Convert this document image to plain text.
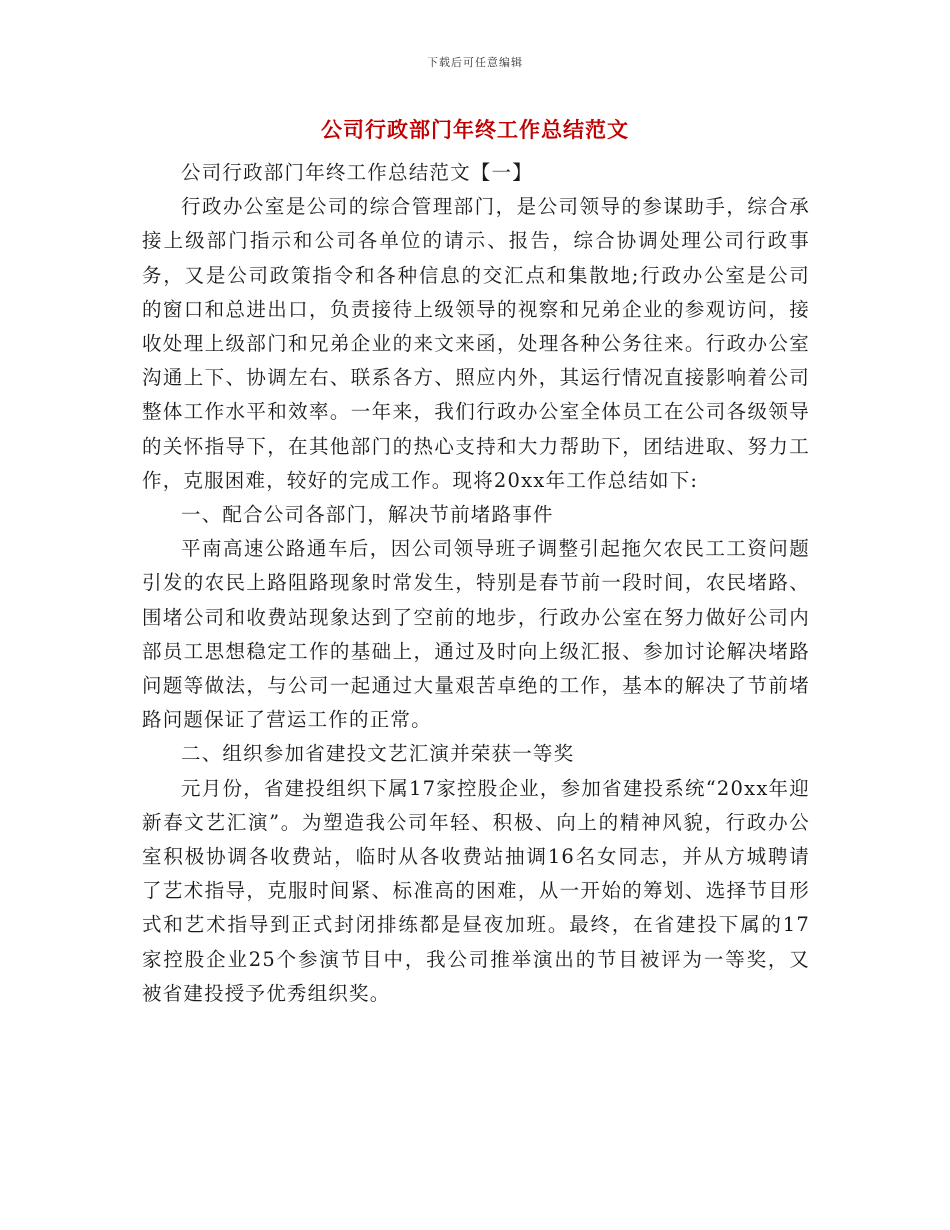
下载后可任意编辑
公司行政部门年终工作总结范文

公司行政部门年终工作总结范文【一】

行政办公室是公司的综合管理部门，是公司领导的参谋助手，综合承接上级部门指示和公司各单位的请示、报告，综合协调处理公司行政事务，又是公司政策指令和各种信息的交汇点和集散地;行政办公室是公司的窗口和总进出口，负责接待上级领导的视察和兄弟企业的参观访问，接收处理上级部门和兄弟企业的来文来函，处理各种公务往来。行政办公室沟通上下、协调左右、联系各方、照应内外，其运行情况直接影响着公司整体工作水平和效率。一年来，我们行政办公室全体员工在公司各级领导的关怀指导下，在其他部门的热心支持和大力帮助下，团结进取、努力工作，克服困难，较好的完成工作。现将20xx年工作总结如下:

一、配合公司各部门，解决节前堵路事件

平南高速公路通车后，因公司领导班子调整引起拖欠农民工工资问题引发的农民上路阻路现象时常发生，特别是春节前一段时间，农民堵路、围堵公司和收费站现象达到了空前的地步，行政办公室在努力做好公司内部员工思想稳定工作的基础上，通过及时向上级汇报、参加讨论解决堵路问题等做法，与公司一起通过大量艰苦卓绝的工作，基本的解决了节前堵路问题保证了营运工作的正常。

二、组织参加省建投文艺汇演并荣获一等奖

元月份，省建投组织下属17家控股企业，参加省建投系统“20xx年迎新春文艺汇演”。为塑造我公司年轻、积极、向上的精神风貌，行政办公室积极协调各收费站，临时从各收费站抽调16名女同志，并从方城聘请了艺术指导，克服时间紧、标准高的困难，从一开始的筹划、选择节目形式和艺术指导到正式封闭排练都是昼夜加班。最终，在省建投下属的17家控股企业25个参演节目中，我公司推举演出的节目被评为一等奖，又被省建投授予优秀组织奖。
